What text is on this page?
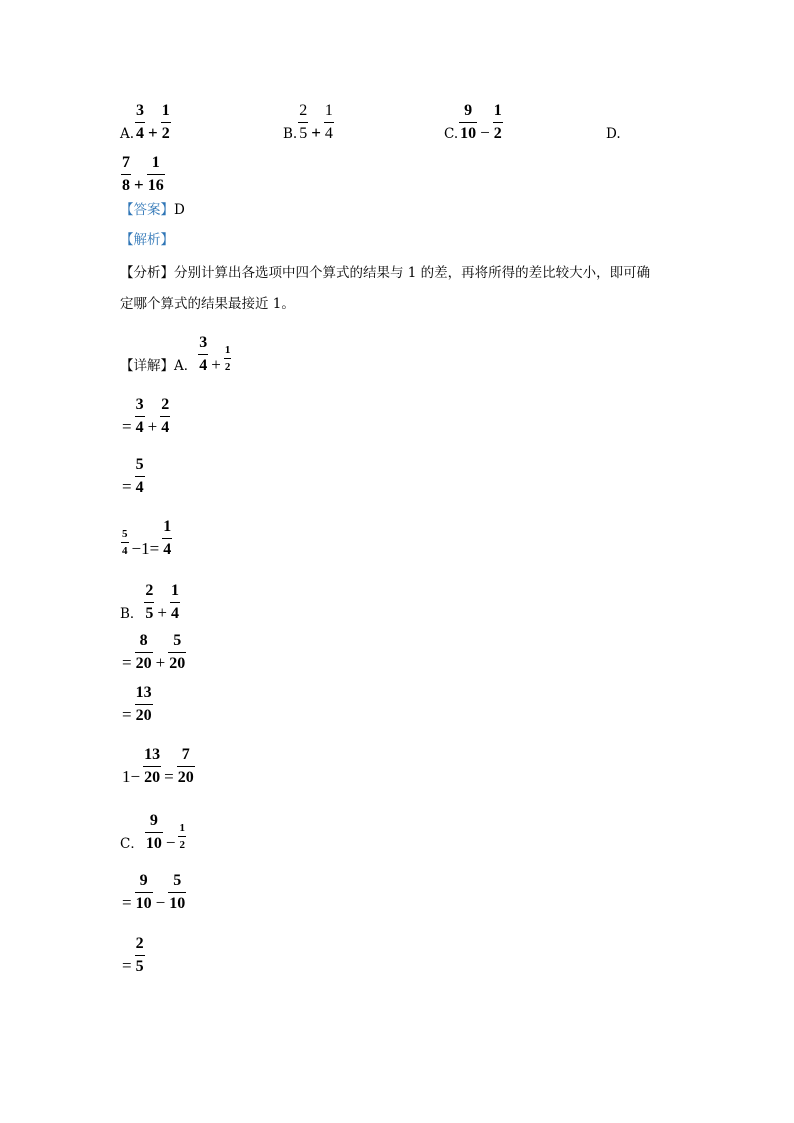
A. $\frac{3}{4} + \frac{1}{2}$	B. $\frac{2}{5} + \frac{1}{4}$	C. $\frac{9}{10} - \frac{1}{2}$	D.
$\frac{7}{8} + \frac{1}{16}$
【答案】D
【解析】
【分析】分别计算出各选项中四个算式的结果与 1 的差，再将所得的差比较大小，即可确
定哪个算式的结果最接近 1。
【详解】A． $\frac{3}{4} + \frac{1}{2}$
= $\frac{3}{4} + \frac{2}{4}$
= $\frac{5}{4}$
$\frac{5}{4} -1= \frac{1}{4}$
B． $\frac{2}{5} + \frac{1}{4}$
= $\frac{8}{20} + \frac{5}{20}$
= $\frac{13}{20}$
$1- \frac{13}{20} = \frac{7}{20}$
C． $\frac{9}{10} - \frac{1}{2}$
= $\frac{9}{10} - \frac{5}{10}$
= $\frac{2}{5}$
